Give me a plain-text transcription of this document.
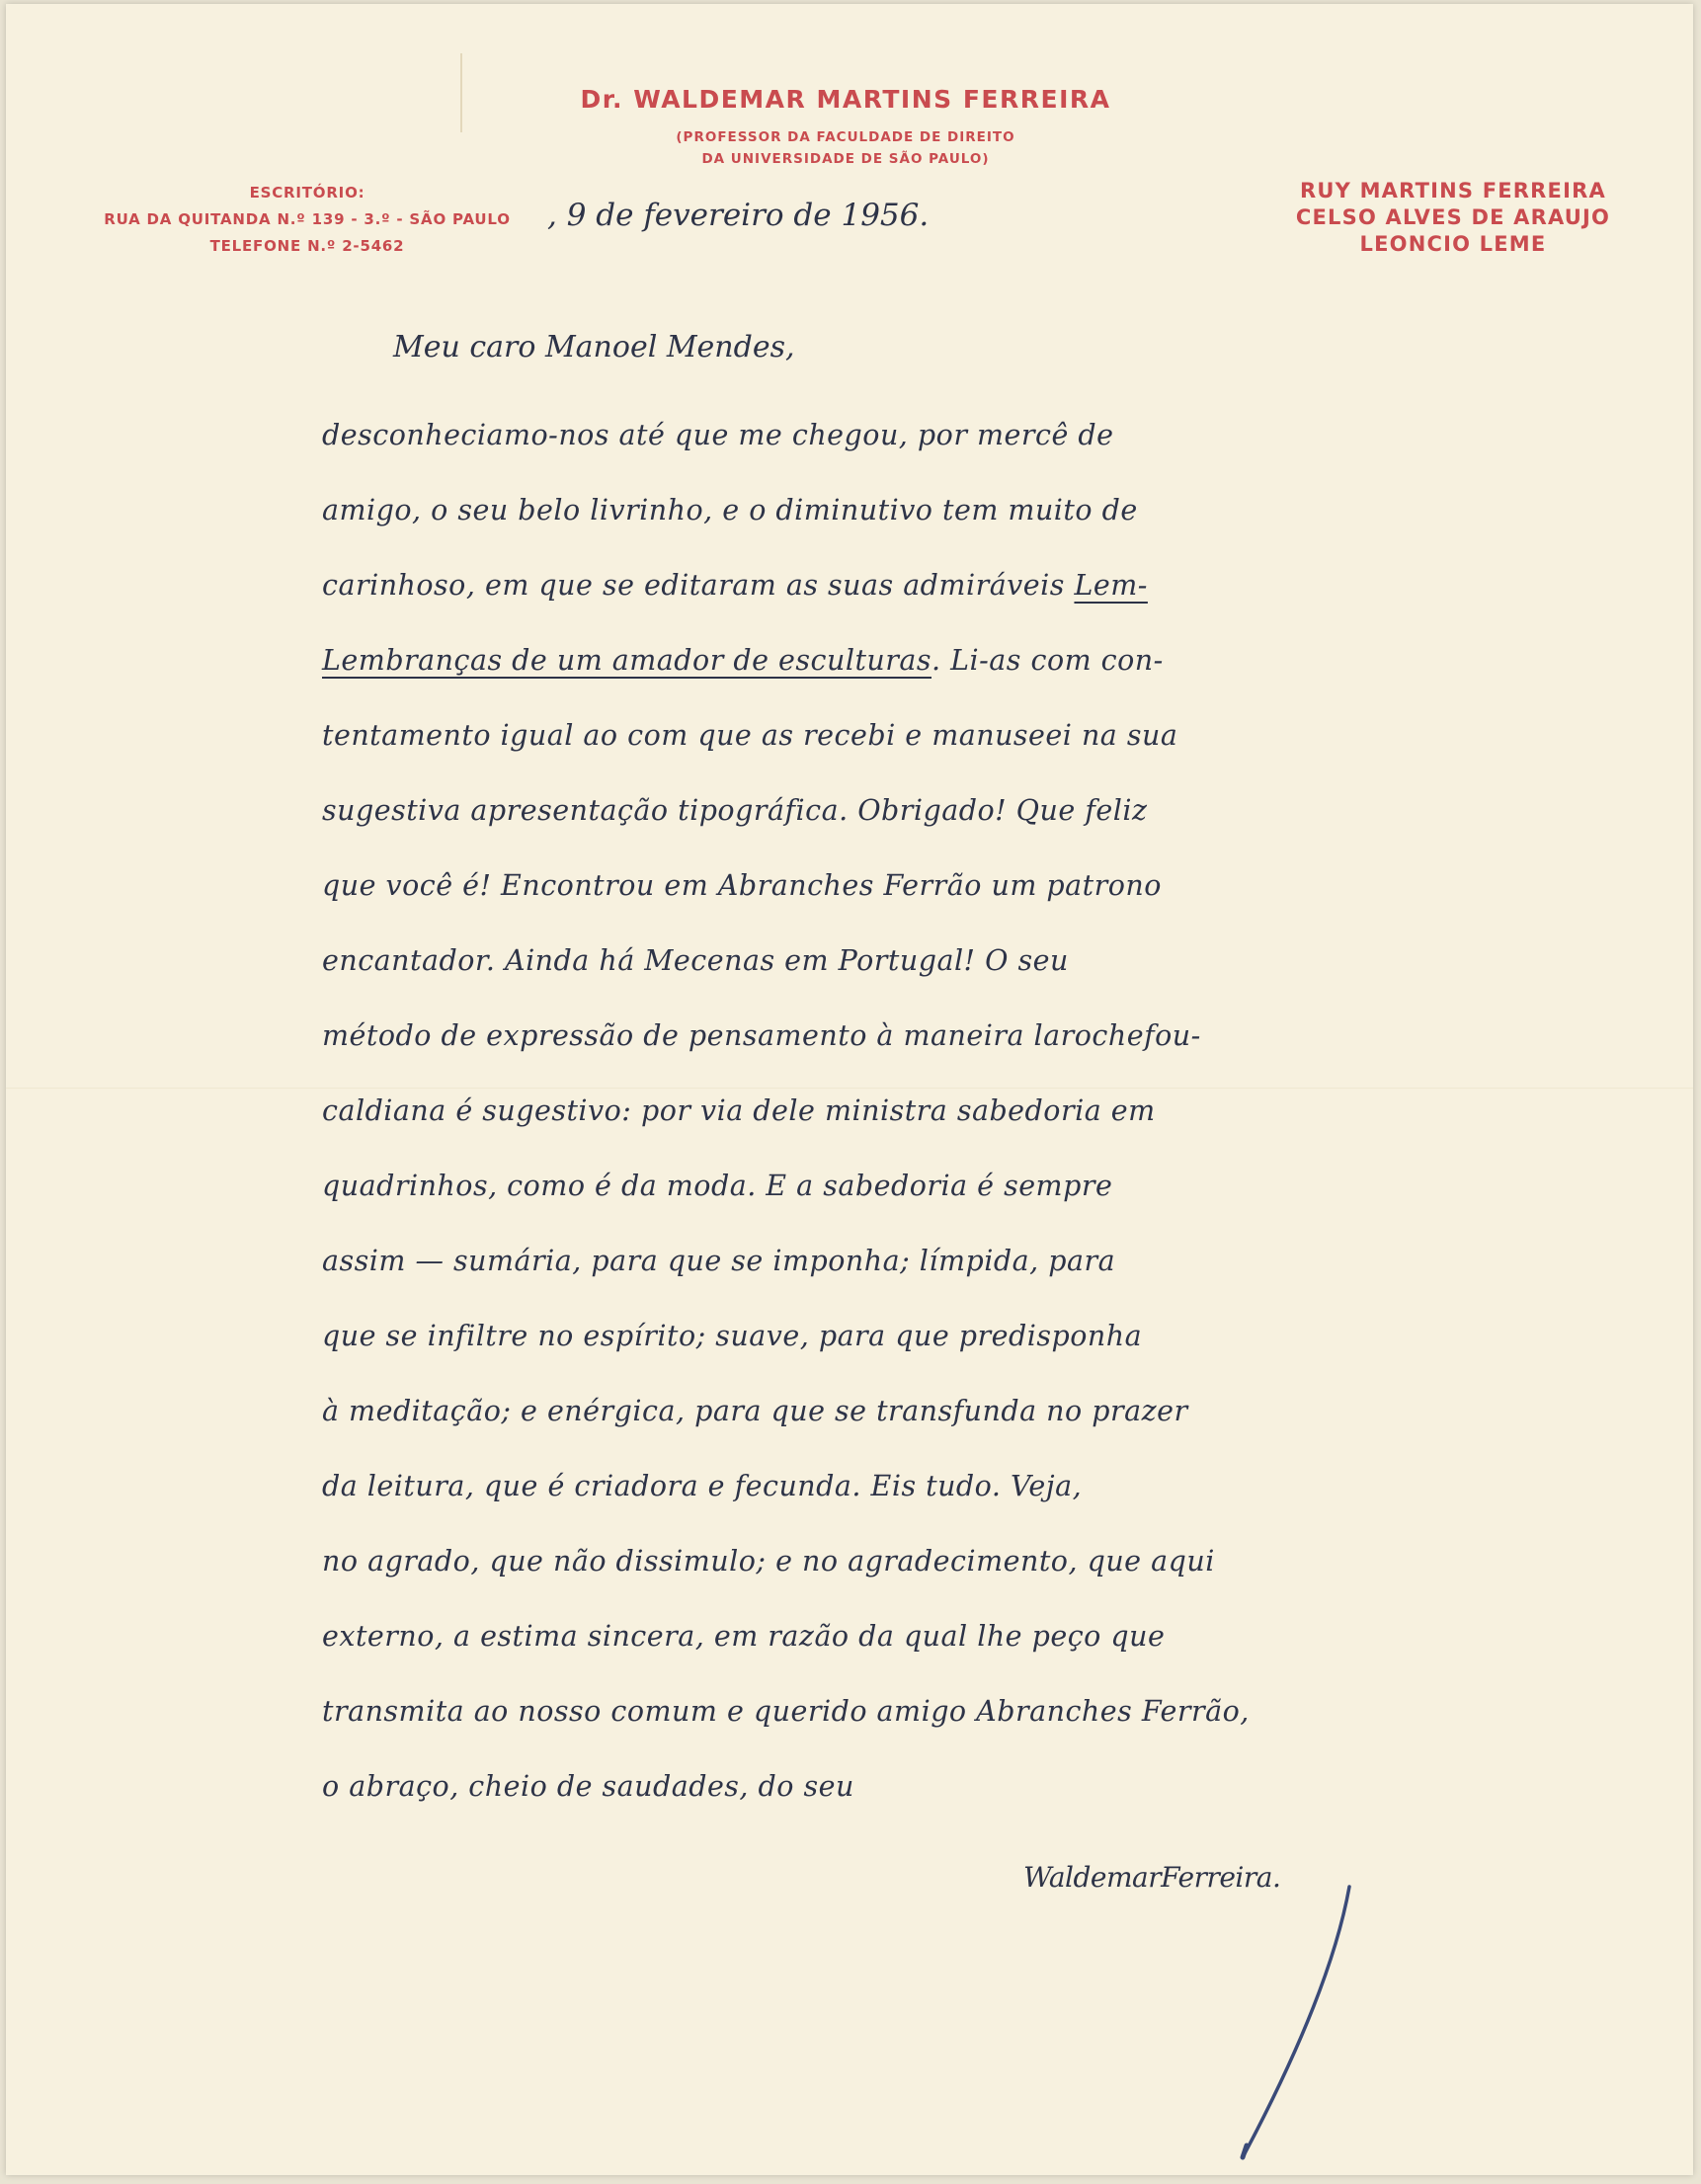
Dr. WALDEMAR MARTINS FERREIRA
(PROFESSOR DA FACULDADE DE DIREITO
DA UNIVERSIDADE DE SÃO PAULO)
ESCRITÓRIO:
RUA DA QUITANDA N.º 139 - 3.º - SÃO PAULO
TELEFONE N.º 2-5462
RUY MARTINS FERREIRA
CELSO ALVES DE ARAUJO
LEONCIO LEME
, 9 de fevereiro de 1956.
Meu caro Manoel Mendes,
desconheciamo-nos até que me chegou, por mercê de
amigo, o seu belo livrinho, e o diminutivo tem muito de
carinhoso, em que se editaram as suas admiráveis Lem-
Lembranças de um amador de esculturas. Li-as com con-
tentamento igual ao com que as recebi e manuseei na sua
sugestiva apresentação tipográfica. Obrigado! Que feliz
que você é! Encontrou em Abranches Ferrão um patrono
encantador. Ainda há Mecenas em Portugal! O seu
método de expressão de pensamento à maneira larochefou-
caldiana é sugestivo: por via dele ministra sabedoria em
quadrinhos, como é da moda. E a sabedoria é sempre
assim — sumária, para que se imponha; límpida, para
que se infiltre no espírito; suave, para que predisponha
à meditação; e enérgica, para que se transfunda no prazer
da leitura, que é criadora e fecunda. Eis tudo. Veja,
no agrado, que não dissimulo; e no agradecimento, que aqui
externo, a estima sincera, em razão da qual lhe peço que
transmita ao nosso comum e querido amigo Abranches Ferrão,
o abraço, cheio de saudades, do seu
WaldemarFerreira.
